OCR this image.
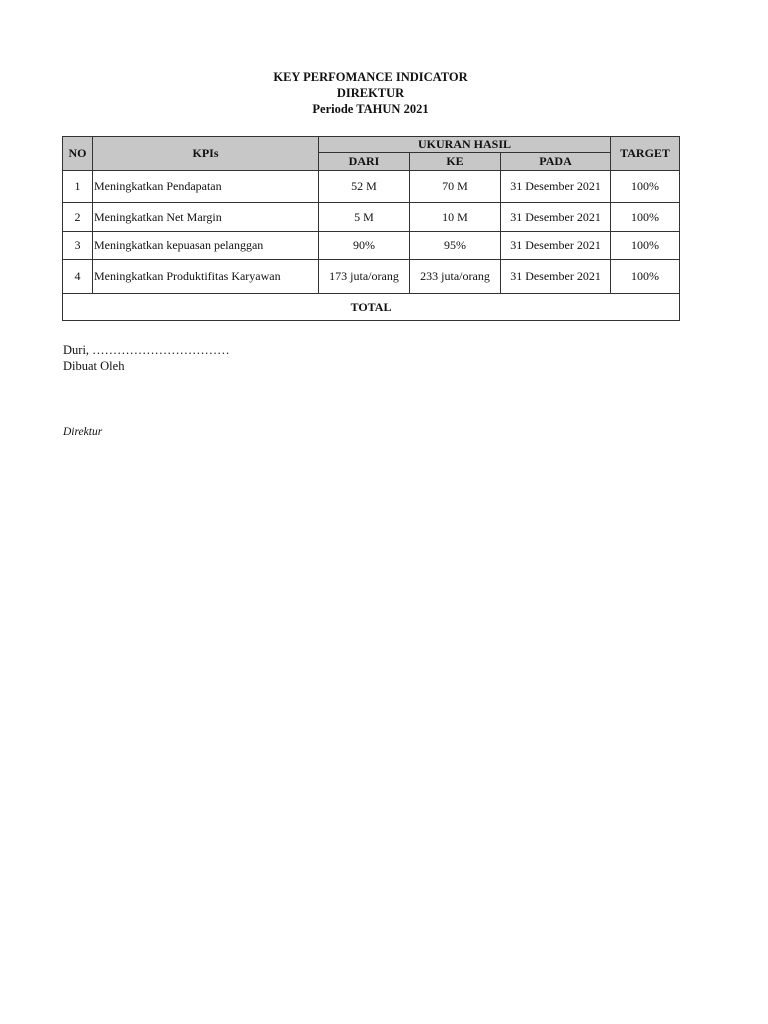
KEY PERFOMANCE INDICATOR
DIREKTUR
Periode TAHUN 2021
NO	KPIs	UKURAN HASIL			TARGET
		DARI	KE	PADA	
1	Meningkatkan Pendapatan	52 M	70 M	31 Desember 2021	100%
2	Meningkatkan Net Margin	5 M	10 M	31 Desember 2021	100%
3	Meningkatkan kepuasan pelanggan	90%	95%	31 Desember 2021	100%
4	Meningkatkan Produktifitas Karyawan	173 juta/orang	233 juta/orang	31 Desember 2021	100%
TOTAL					
Duri, ……………………………
Dibuat Oleh
Direktur
